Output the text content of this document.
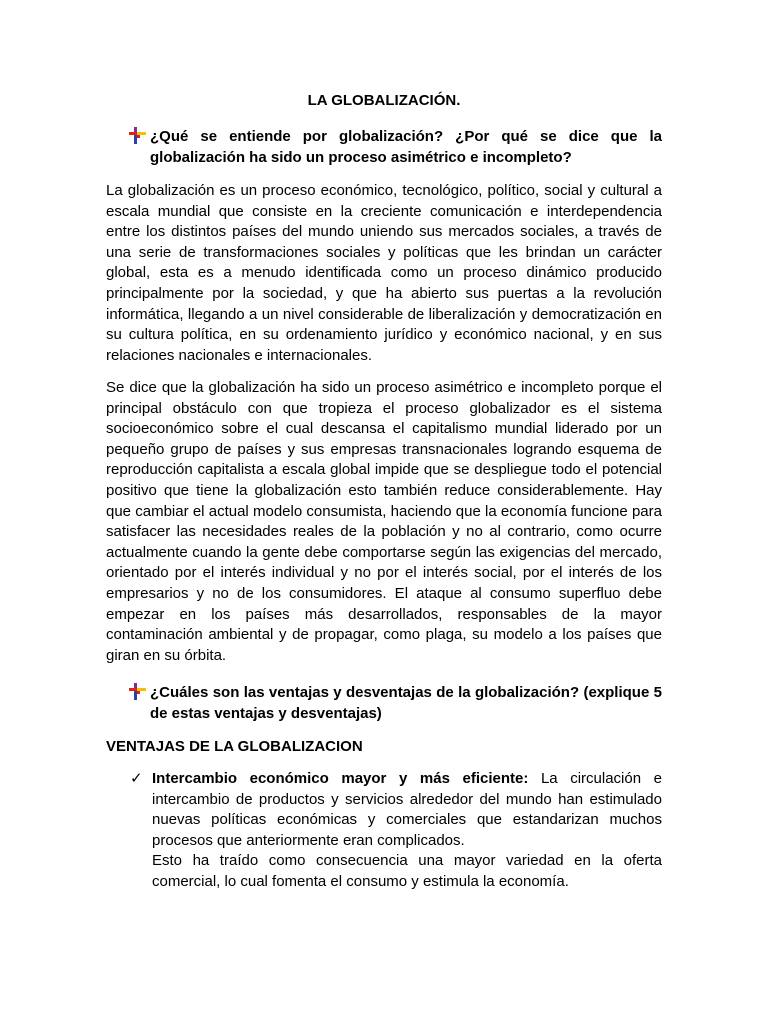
LA GLOBALIZACIÓN.

¿Qué se entiende por globalización? ¿Por qué se dice que la globalización ha sido un proceso asimétrico e incompleto?

La globalización es un proceso económico, tecnológico, político, social y cultural a escala mundial que consiste en la creciente comunicación e interdependencia entre los distintos países del mundo uniendo sus mercados sociales, a través de una serie de transformaciones sociales y políticas que les brindan un carácter global, esta es a menudo identificada como un proceso dinámico producido principalmente por la sociedad, y que ha abierto sus puertas a la revolución informática, llegando a un nivel considerable de liberalización y democratización en su cultura política, en su ordenamiento jurídico y económico nacional, y en sus relaciones nacionales e internacionales.

Se dice que la globalización ha sido un proceso asimétrico e incompleto porque el principal obstáculo con que tropieza el proceso globalizador es el sistema socioeconómico sobre el cual descansa el capitalismo mundial liderado por un pequeño grupo de países y sus empresas transnacionales logrando esquema de reproducción capitalista a escala global impide que se despliegue todo el potencial positivo que tiene la globalización esto también reduce considerablemente. Hay que cambiar el actual modelo consumista, haciendo que la economía funcione para satisfacer las necesidades reales de la población y no al contrario, como ocurre actualmente cuando la gente debe comportarse según las exigencias del mercado, orientado por el interés individual y no por el interés social, por el interés de los empresarios y no de los consumidores. El ataque al consumo superfluo debe empezar en los países más desarrollados, responsables de la mayor contaminación ambiental y de propagar, como plaga, su modelo a los países que giran en su órbita.

¿Cuáles son las ventajas y desventajas de la globalización? (explique 5 de estas ventajas y desventajas)

VENTAJAS DE LA GLOBALIZACION
✓ Intercambio económico mayor y más eficiente: La circulación e intercambio de productos y servicios alrededor del mundo han estimulado nuevas políticas económicas y comerciales que estandarizan muchos procesos que anteriormente eran complicados.

Esto ha traído como consecuencia una mayor variedad en la oferta comercial, lo cual fomenta el consumo y estimula la economía.
